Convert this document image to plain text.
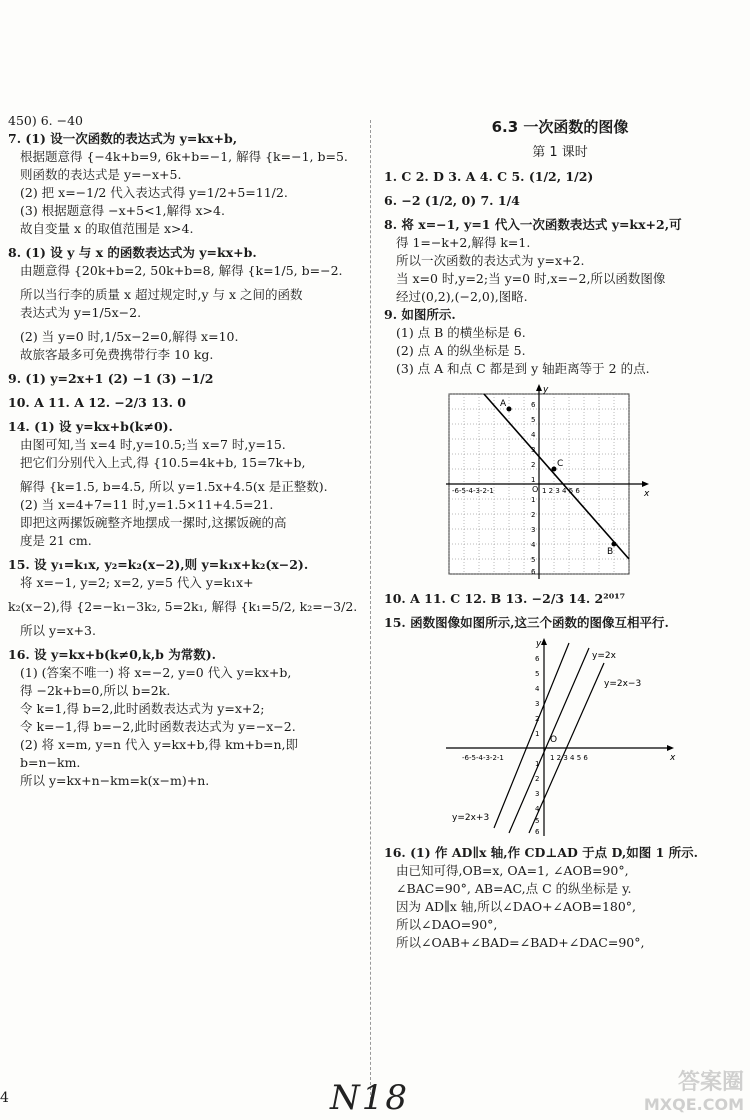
450) 6. −40

7. (1) 设一次函数的表达式为 y=kx+b,

根据题意得 {−4k+b=9, 6k+b=−1, 解得 {k=−1, b=5.

则函数的表达式是 y=−x+5.

(2) 把 x=−1/2 代入表达式得 y=1/2+5=11/2.

(3) 根据题意得 −x+5<1,解得 x>4.

故自变量 x 的取值范围是 x>4.

8. (1) 设 y 与 x 的函数表达式为 y=kx+b.

由题意得 {20k+b=2, 50k+b=8, 解得 {k=1/5, b=−2.

所以当行李的质量 x 超过规定时,y 与 x 之间的函数

表达式为 y=1/5x−2.

(2) 当 y=0 时,1/5x−2=0,解得 x=10.

故旅客最多可免费携带行李 10 kg.

9. (1) y=2x+1 (2) −1 (3) −1/2

10. A 11. A 12. −2/3 13. 0

14. (1) 设 y=kx+b(k≠0).

由图可知,当 x=4 时,y=10.5;当 x=7 时,y=15.

把它们分别代入上式,得 {10.5=4k+b, 15=7k+b,

解得 {k=1.5, b=4.5, 所以 y=1.5x+4.5(x 是正整数).

(2) 当 x=4+7=11 时,y=1.5×11+4.5=21.

即把这两摞饭碗整齐地摆成一摞时,这摞饭碗的高

度是 21 cm.

15. 设 y₁=k₁x, y₂=k₂(x−2),则 y=k₁x+k₂(x−2).

将 x=−1, y=2; x=2, y=5 代入 y=k₁x+

k₂(x−2),得 {2=−k₁−3k₂, 5=2k₁, 解得 {k₁=5/2, k₂=−3/2.

所以 y=x+3.

16. 设 y=kx+b(k≠0,k,b 为常数).

(1) (答案不唯一) 将 x=−2, y=0 代入 y=kx+b,

得 −2k+b=0,所以 b=2k.

令 k=1,得 b=2,此时函数表达式为 y=x+2;

令 k=−1,得 b=−2,此时函数表达式为 y=−x−2.

(2) 将 x=m, y=n 代入 y=kx+b,得 km+b=n,即

b=n−km.

所以 y=kx+n−km=k(x−m)+n.

6.3 一次函数的图像
第 1 课时

1. C 2. D 3. A 4. C 5. (1/2, 1/2)

6. −2 (1/2, 0) 7. 1/4

8. 将 x=−1, y=1 代入一次函数表达式 y=kx+2,可

得 1=−k+2,解得 k=1.

所以一次函数的表达式为 y=x+2.

当 x=0 时,y=2;当 y=0 时,x=−2,所以函数图像

经过(0,2),(−2,0),图略.

9. 如图所示.

(1) 点 B 的横坐标是 6.

(2) 点 A 的纵坐标是 5.

(3) 点 A 和点 C 都是到 y 轴距离等于 2 的点.

A
C
B
O
y
x
-6-5-4-3-2-1	1 2 3 4 5 6
6
5
4
3
2
1
1
2
3
4
5
6

10. A 11. C 12. B 13. −2/3 14. 2²⁰¹⁷

15. 函数图像如图所示,这三个函数的图像互相平行.

y=2x
y=2x−3
y=2x+3
O
y
x
-6-5-4-3-2-1	1 2 3 4 5 6
6
5
4
3
2
1
1
2
3
4
5
6

16. (1) 作 AD∥x 轴,作 CD⊥AD 于点 D,如图 1 所示.

由已知可得,OB=x, OA=1, ∠AOB=90°,

∠BAC=90°, AB=AC,点 C 的纵坐标是 y.

因为 AD∥x 轴,所以∠DAO+∠AOB=180°,

所以∠DAO=90°,

所以∠OAB+∠BAD=∠BAD+∠DAC=90°,

4	N18	答案圈
MXQE.COM
